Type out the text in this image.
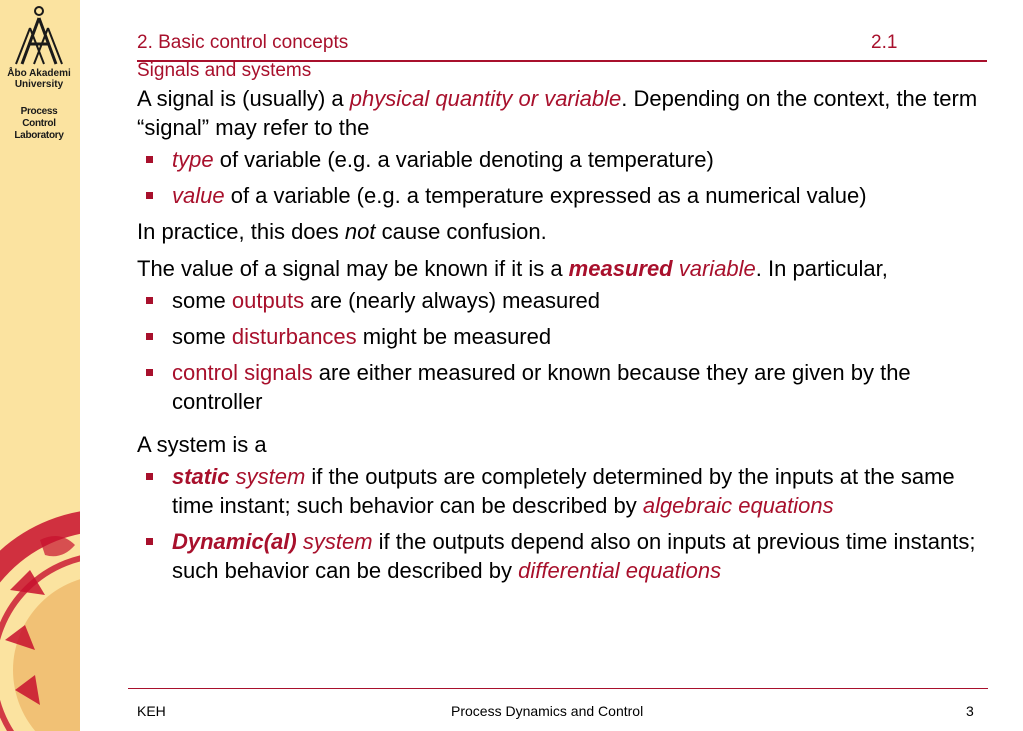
Åbo Akademi
University
Process
Control
Laboratory
2. Basic control concepts	2.1
Signals and systems

A signal is (usually) a physical quantity or variable. Depending on the context, the term “signal” may refer to the

type of variable (e.g. a variable denoting a temperature)
value of a variable (e.g. a temperature expressed as a numerical value)

In practice, this does not cause confusion.

The value of a signal may be known if it is a measured variable. In particular,

some outputs are (nearly always) measured
some disturbances might be measured
control signals are either measured or known because they are given by the controller

A system is a

static system if the outputs are completely determined by the inputs at the same time instant; such behavior can be described by algebraic equations
Dynamic(al) system if the outputs depend also on inputs at previous time instants; such behavior can be described by differential equations
KEH	Process Dynamics and Control	3
